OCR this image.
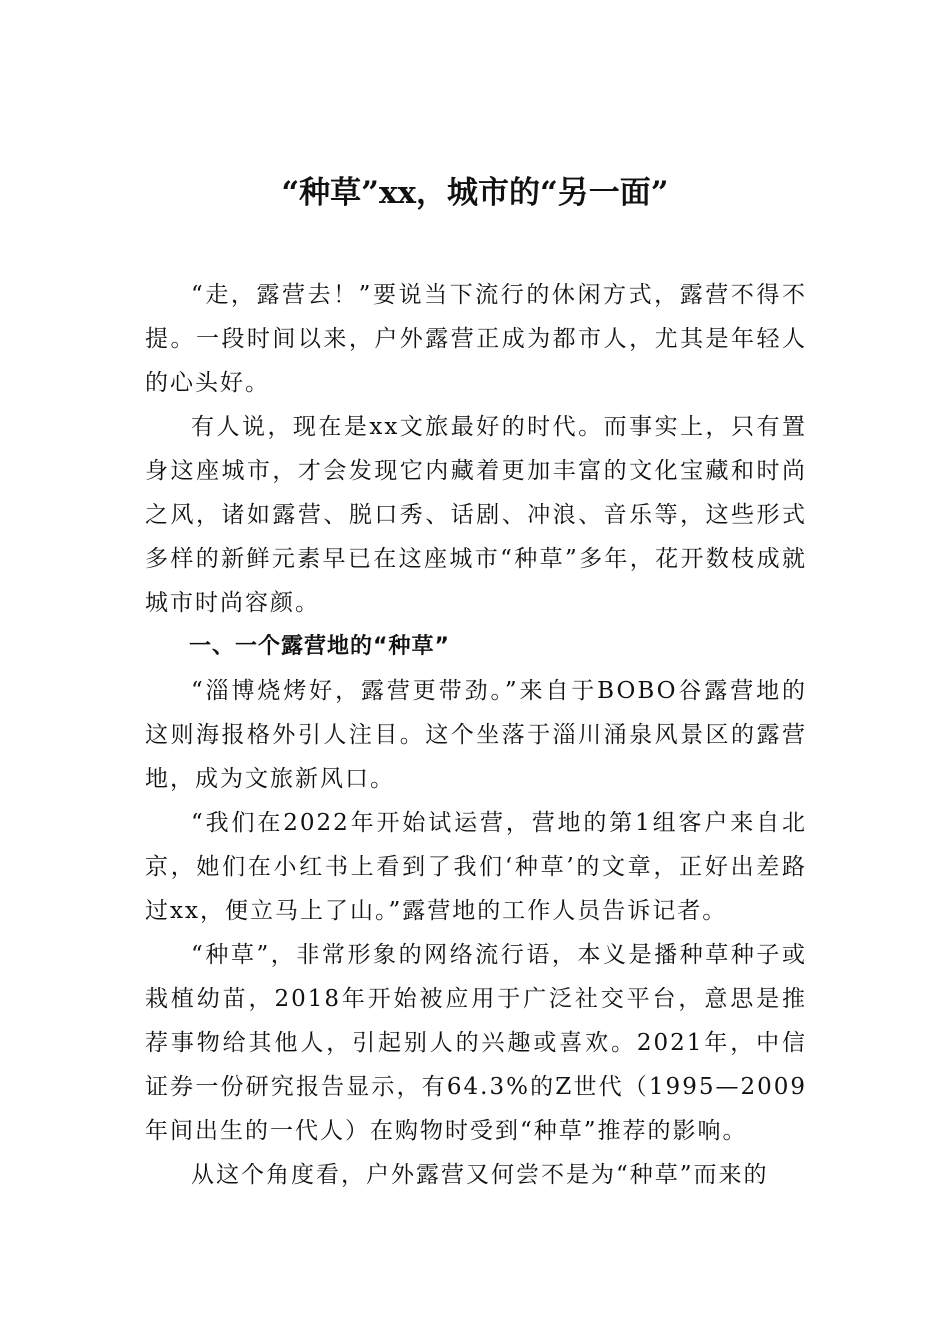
“种草”xx，城市的“另一面”

“走，露营去！”要说当下流行的休闲方式，露营不得不提。一段时间以来，户外露营正成为都市人，尤其是年轻人的心头好。

有人说，现在是xx文旅最好的时代。而事实上，只有置身这座城市，才会发现它内藏着更加丰富的文化宝藏和时尚之风，诸如露营、脱口秀、话剧、冲浪、音乐等，这些形式多样的新鲜元素早已在这座城市“种草”多年，花开数枝成就城市时尚容颜。

一、一个露营地的“种草”

“淄博烧烤好，露营更带劲。”来自于BOBO谷露营地的这则海报格外引人注目。这个坐落于淄川涌泉风景区的露营地，成为文旅新风口。

“我们在2022年开始试运营，营地的第1组客户来自北京，她们在小红书上看到了我们‘种草’的文章，正好出差路过xx，便立马上了山。”露营地的工作人员告诉记者。

“种草”，非常形象的网络流行语，本义是播种草种子或栽植幼苗，2018年开始被应用于广泛社交平台，意思是推荐事物给其他人，引起别人的兴趣或喜欢。2021年，中信证券一份研究报告显示，有64.3%的Z世代（1995—2009年间出生的一代人）在购物时受到“种草”推荐的影响。

从这个角度看，户外露营又何尝不是为“种草”而来的
